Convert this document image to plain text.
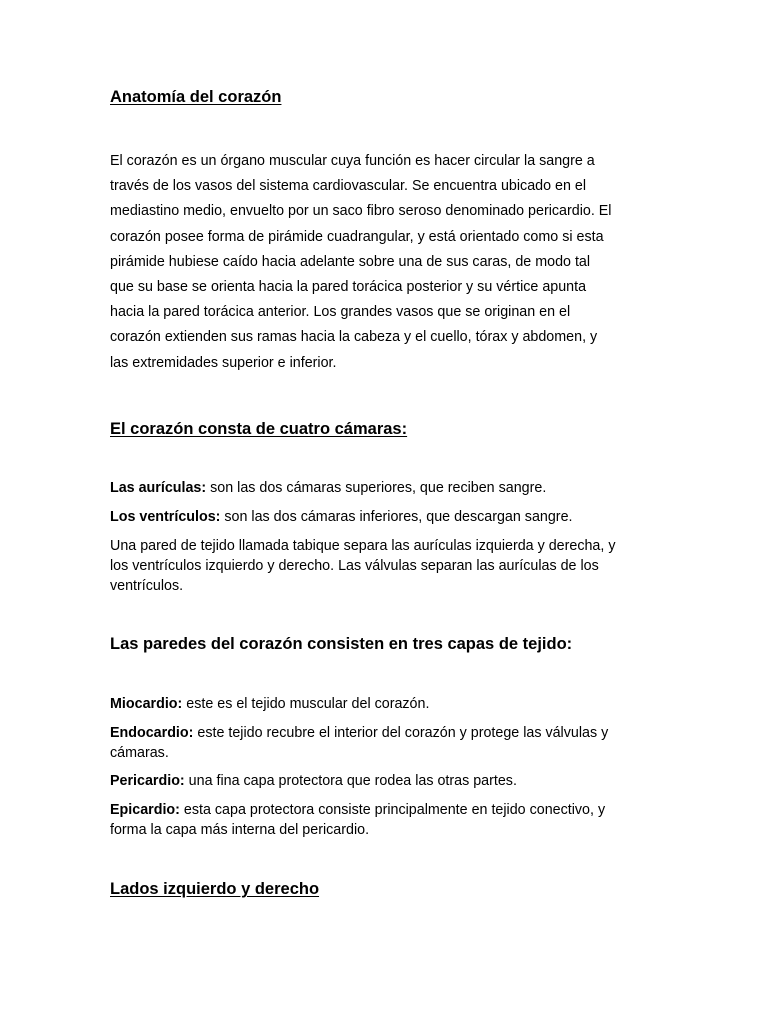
Anatomía del corazón
El corazón es un órgano muscular cuya función es hacer circular la sangre a
través de los vasos del sistema cardiovascular. Se encuentra ubicado en el
mediastino medio, envuelto por un saco fibro seroso denominado pericardio. El
corazón posee forma de pirámide cuadrangular, y está orientado como si esta
pirámide hubiese caído hacia adelante sobre una de sus caras, de modo tal
que su base se orienta hacia la pared torácica posterior y su vértice apunta
hacia la pared torácica anterior. Los grandes vasos que se originan en el
corazón extienden sus ramas hacia la cabeza y el cuello, tórax y abdomen, y
las extremidades superior e inferior.
El corazón consta de cuatro cámaras:
Las aurículas: son las dos cámaras superiores, que reciben sangre.
Los ventrículos: son las dos cámaras inferiores, que descargan sangre.
Una pared de tejido llamada tabique separa las aurículas izquierda y derecha, y
los ventrículos izquierdo y derecho. Las válvulas separan las aurículas de los
ventrículos.
Las paredes del corazón consisten en tres capas de tejido:
Miocardio: este es el tejido muscular del corazón.
Endocardio: este tejido recubre el interior del corazón y protege las válvulas y
cámaras.
Pericardio: una fina capa protectora que rodea las otras partes.
Epicardio: esta capa protectora consiste principalmente en tejido conectivo, y
forma la capa más interna del pericardio.
Lados izquierdo y derecho
